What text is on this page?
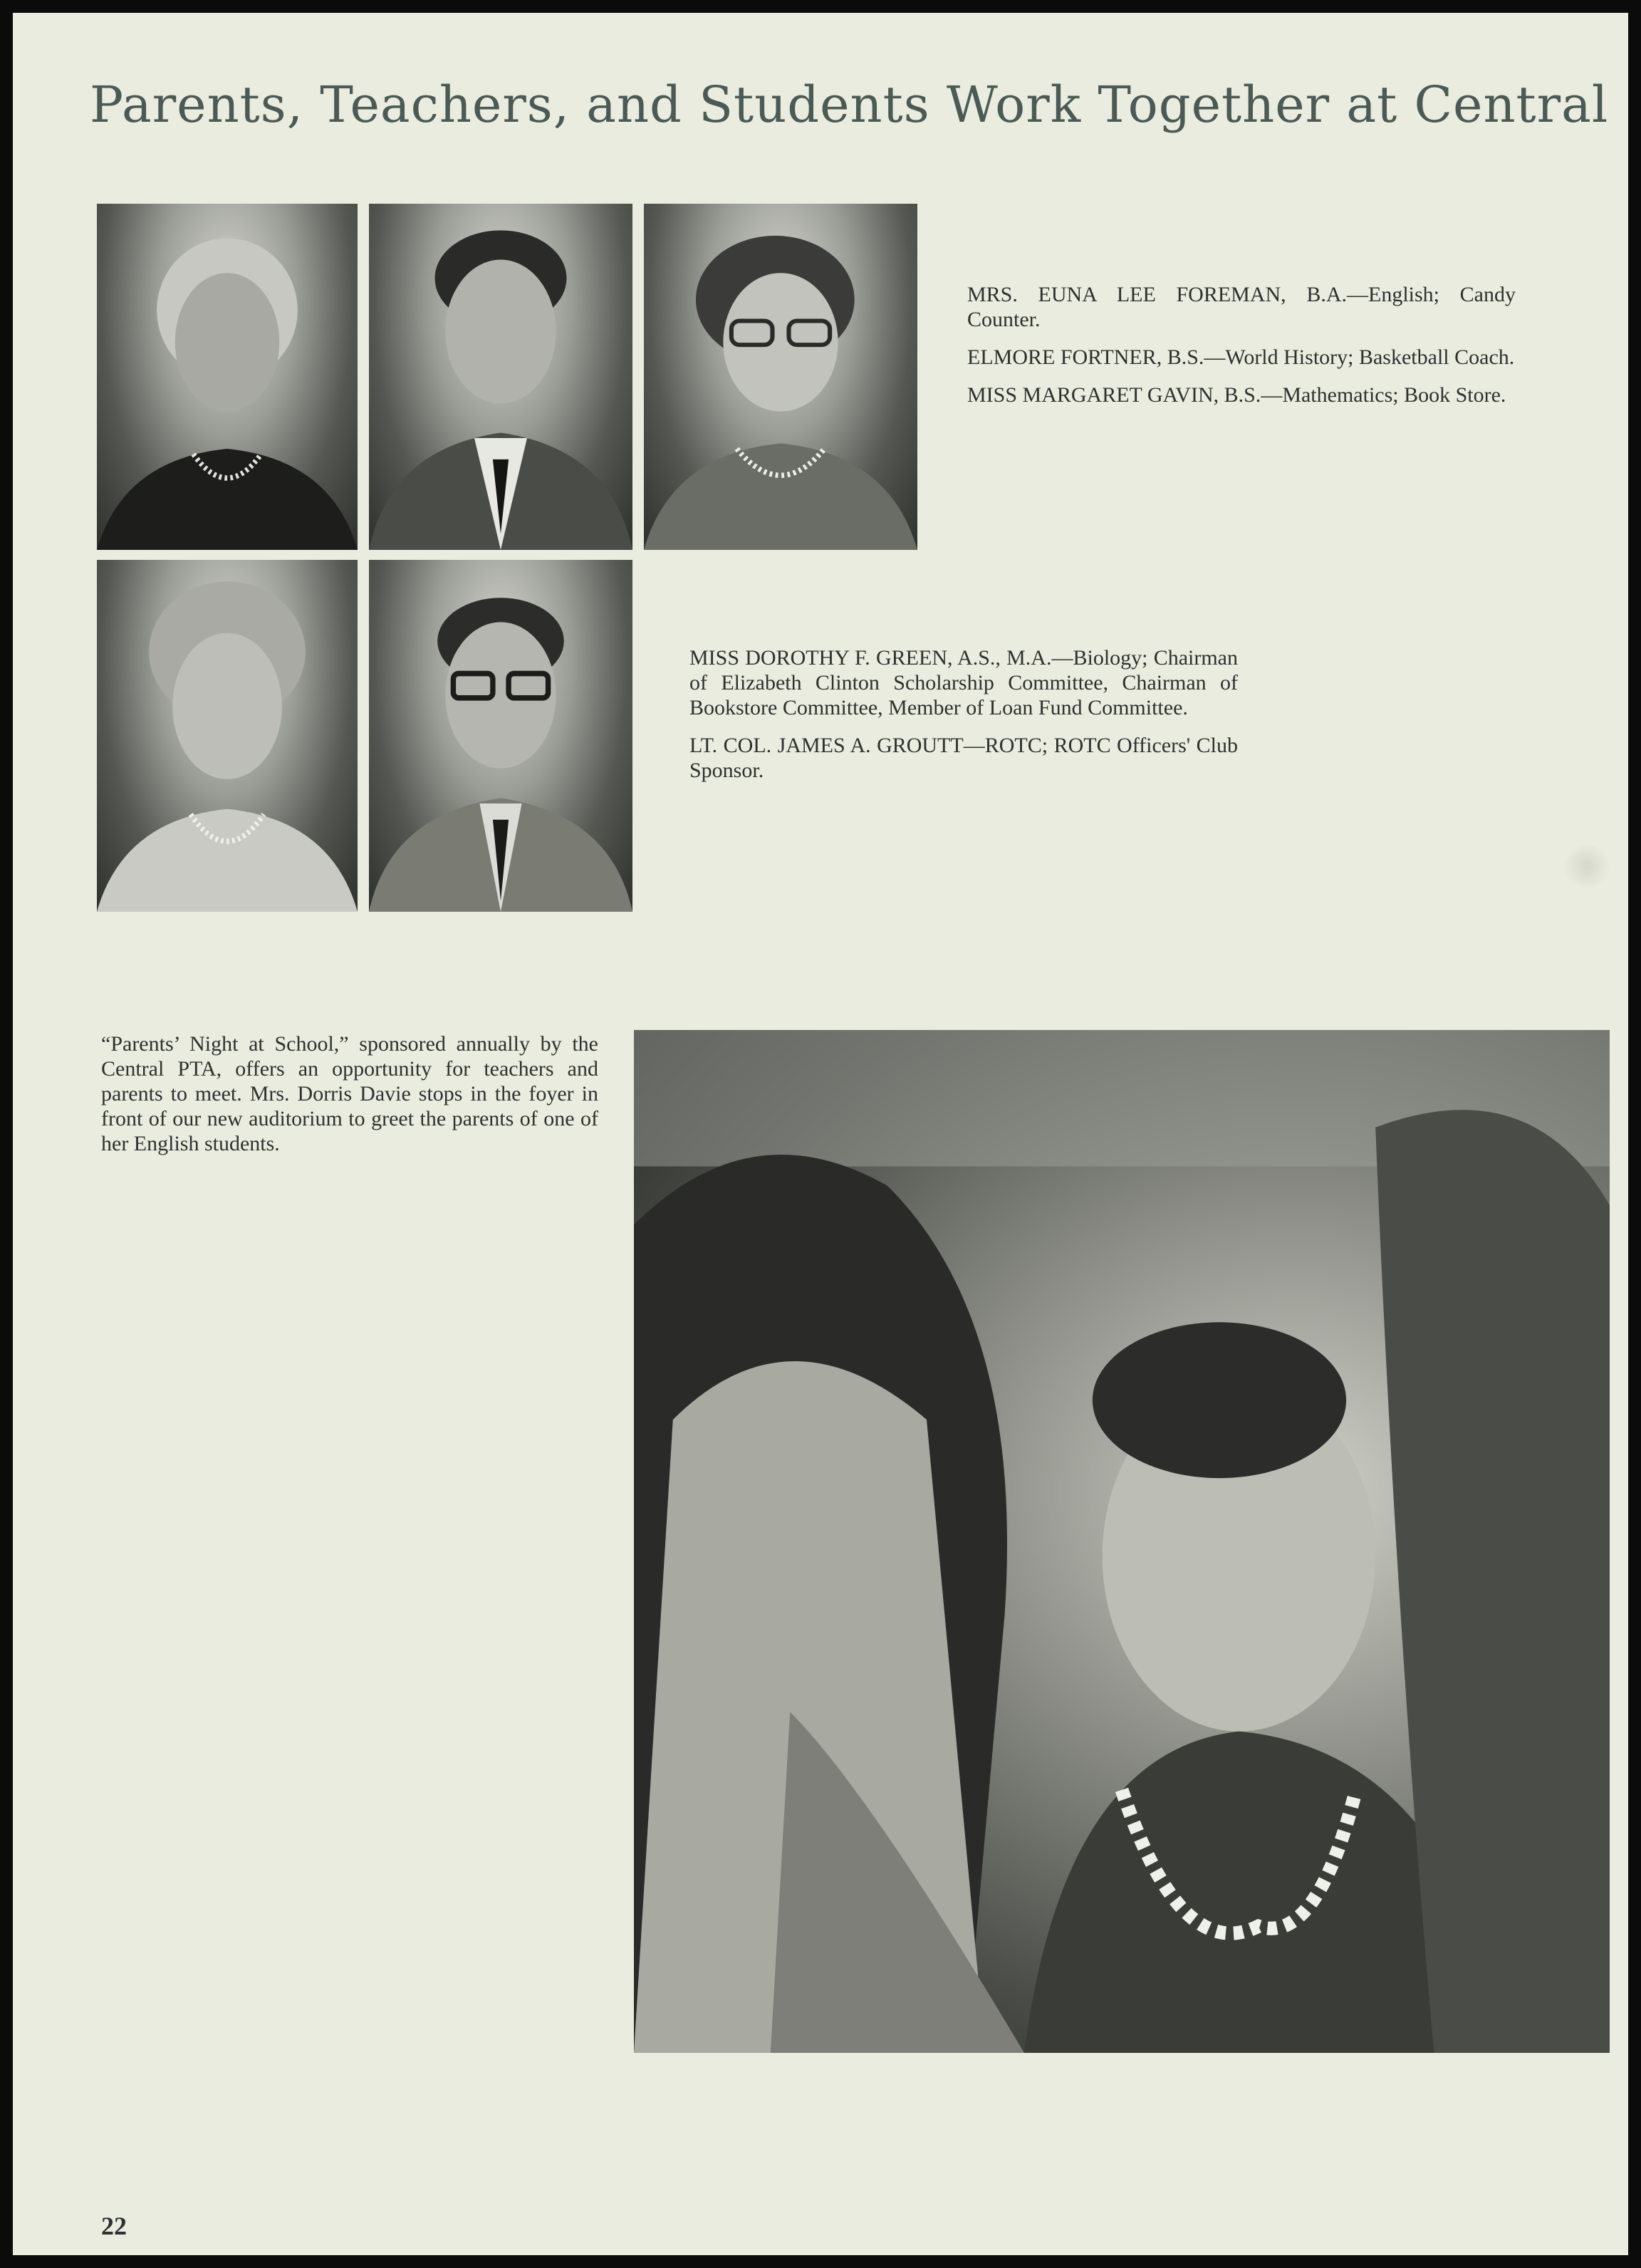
Parents, Teachers, and Students Work Together at Central

MRS. EUNA LEE FOREMAN, B.A.—English; Candy Counter.

ELMORE FORTNER, B.S.—World History; Basketball Coach.

MISS MARGARET GAVIN, B.S.—Mathematics; Book Store.

MISS DOROTHY F. GREEN, A.S., M.A.—Biology; Chairman of Elizabeth Clinton Scholarship Committee, Chairman of Bookstore Committee, Member of Loan Fund Committee.

LT. COL. JAMES A. GROUTT—ROTC; ROTC Officers' Club Sponsor.

“Parents’ Night at School,” sponsored annually by the Central PTA, offers an opportunity for teachers and parents to meet. Mrs. Dorris Davie stops in the foyer in front of our new auditorium to greet the parents of one of her English students.

22
